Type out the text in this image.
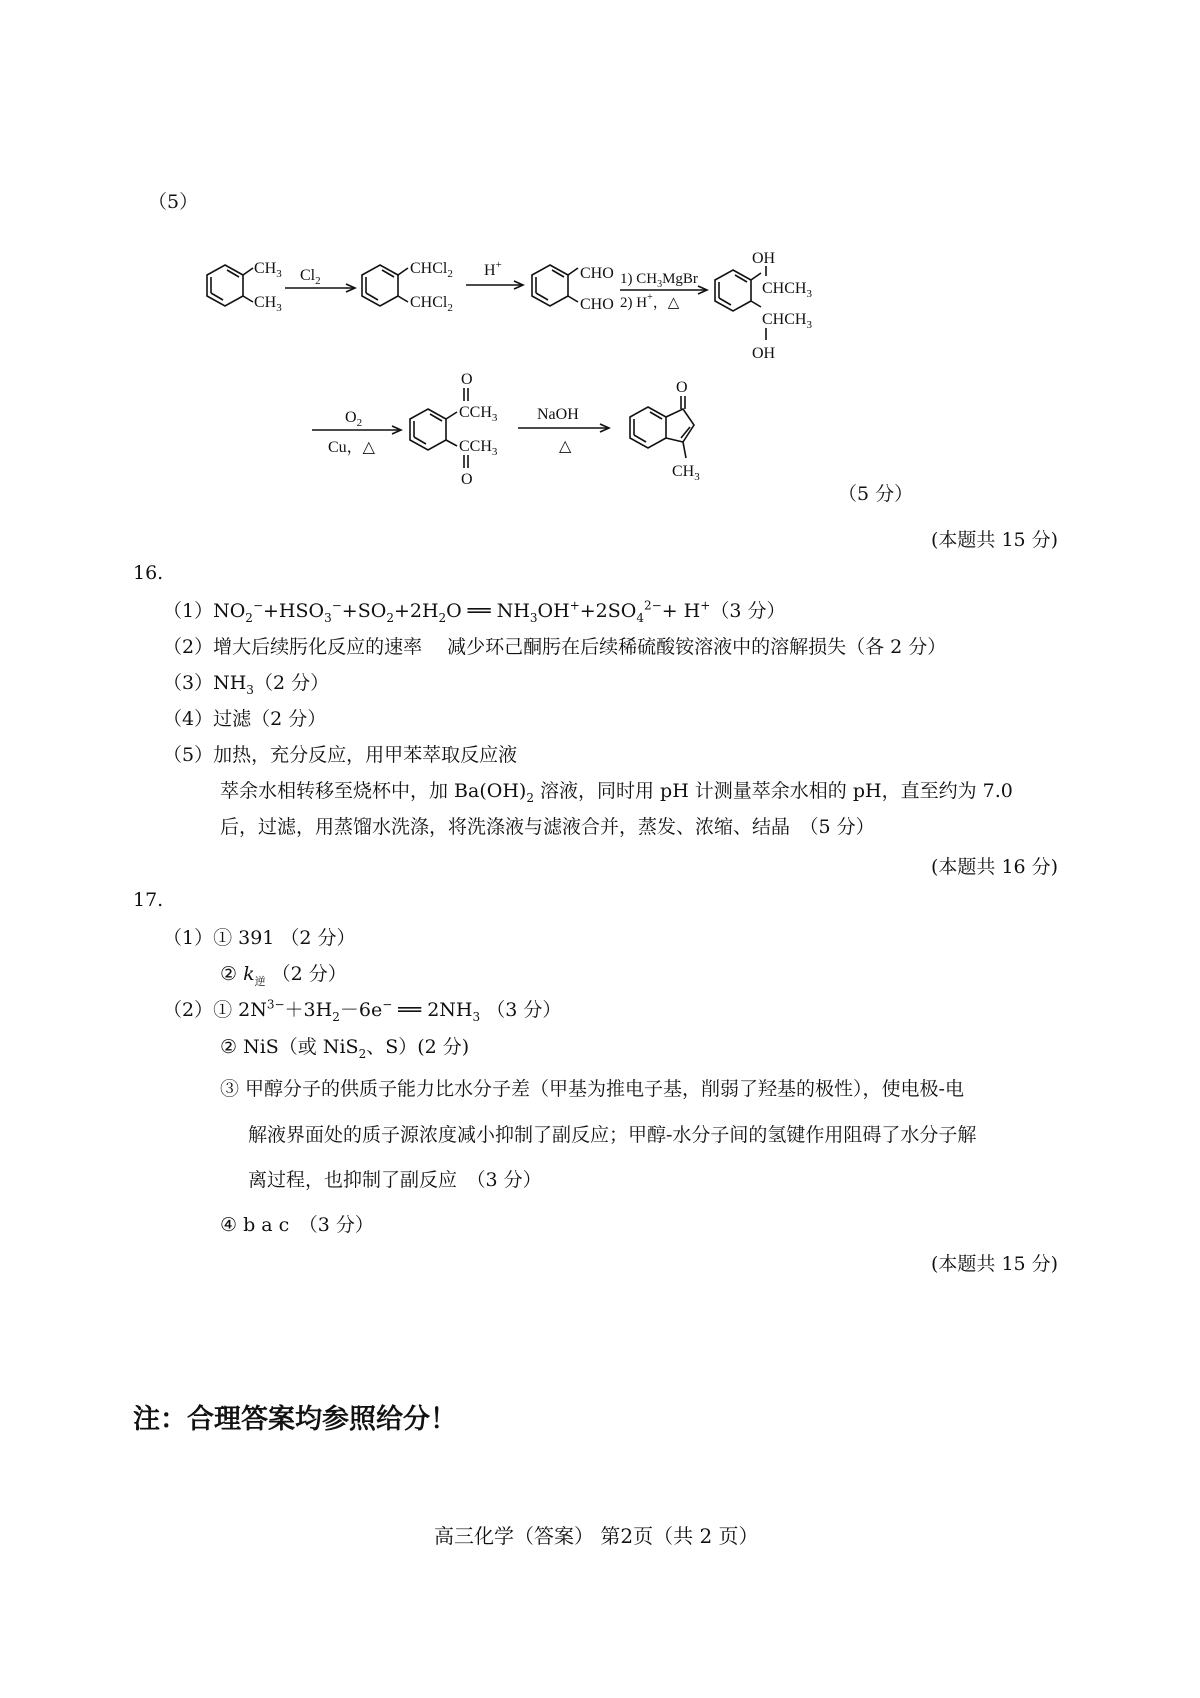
（5）
$CH_3$
$CH_3$
$Cl_2$
CHCl$_2$
CHCl$_2$
H+	CHO
CHO
1) $CH_3MgBr$
2) H+，△
OH
$CHCH_3$
$CHCH_3$
OH
$O_2$
Cu，△
O
$CCH_3$
$CCH_3$
O
NaOH
△
O
$CH_3$
（5 分）
(本题共 15 分)
16.
$(1)NO_2^-+HSO_3^-+SO_2+2H_2O$ ══ $NH_3OH^++2SO_4^{2-}+ H^+(3$ 分）
（2）增大后续肟化反应的速率　 减少环己酮肟在后续稀硫酸铵溶液中的溶解损失（各 2 分）
$(3)NH_3(2$ 分）
（4）过滤（2 分）
（5）加热，充分反应，用甲苯萃取反应液
萃余水相转移至烧杯中，加 $Ba(OH)_2$ 溶液，同时用 pH 计测量萃余水相的 pH，直至约为 7.0
后，过滤，用蒸馏水洗涤，将洗涤液与滤液合并，蒸发、浓缩、结晶　（5 分）
(本题共 16 分)
17.
（1）① 391 （2 分）
② $k_逆$ （2 分）
（2）① $2N^{3-}+3H_2-6e^-$ ══ $2NH_3$ （3 分）
② NiS（或 NiS$_2$、S）(2 分)
③ 甲醇分子的供质子能力比水分子差（甲基为推电子基，削弱了羟基的极性），使电极-电
解液界面处的质子源浓度减小抑制了副反应；甲醇-水分子间的氢键作用阻碍了水分子解
离过程，也抑制了副反应　（3 分）
④ b a c　（3 分）
(本题共 15 分)
注：合理答案均参照给分！
高三化学（答案） 第2页（共 2 页）
